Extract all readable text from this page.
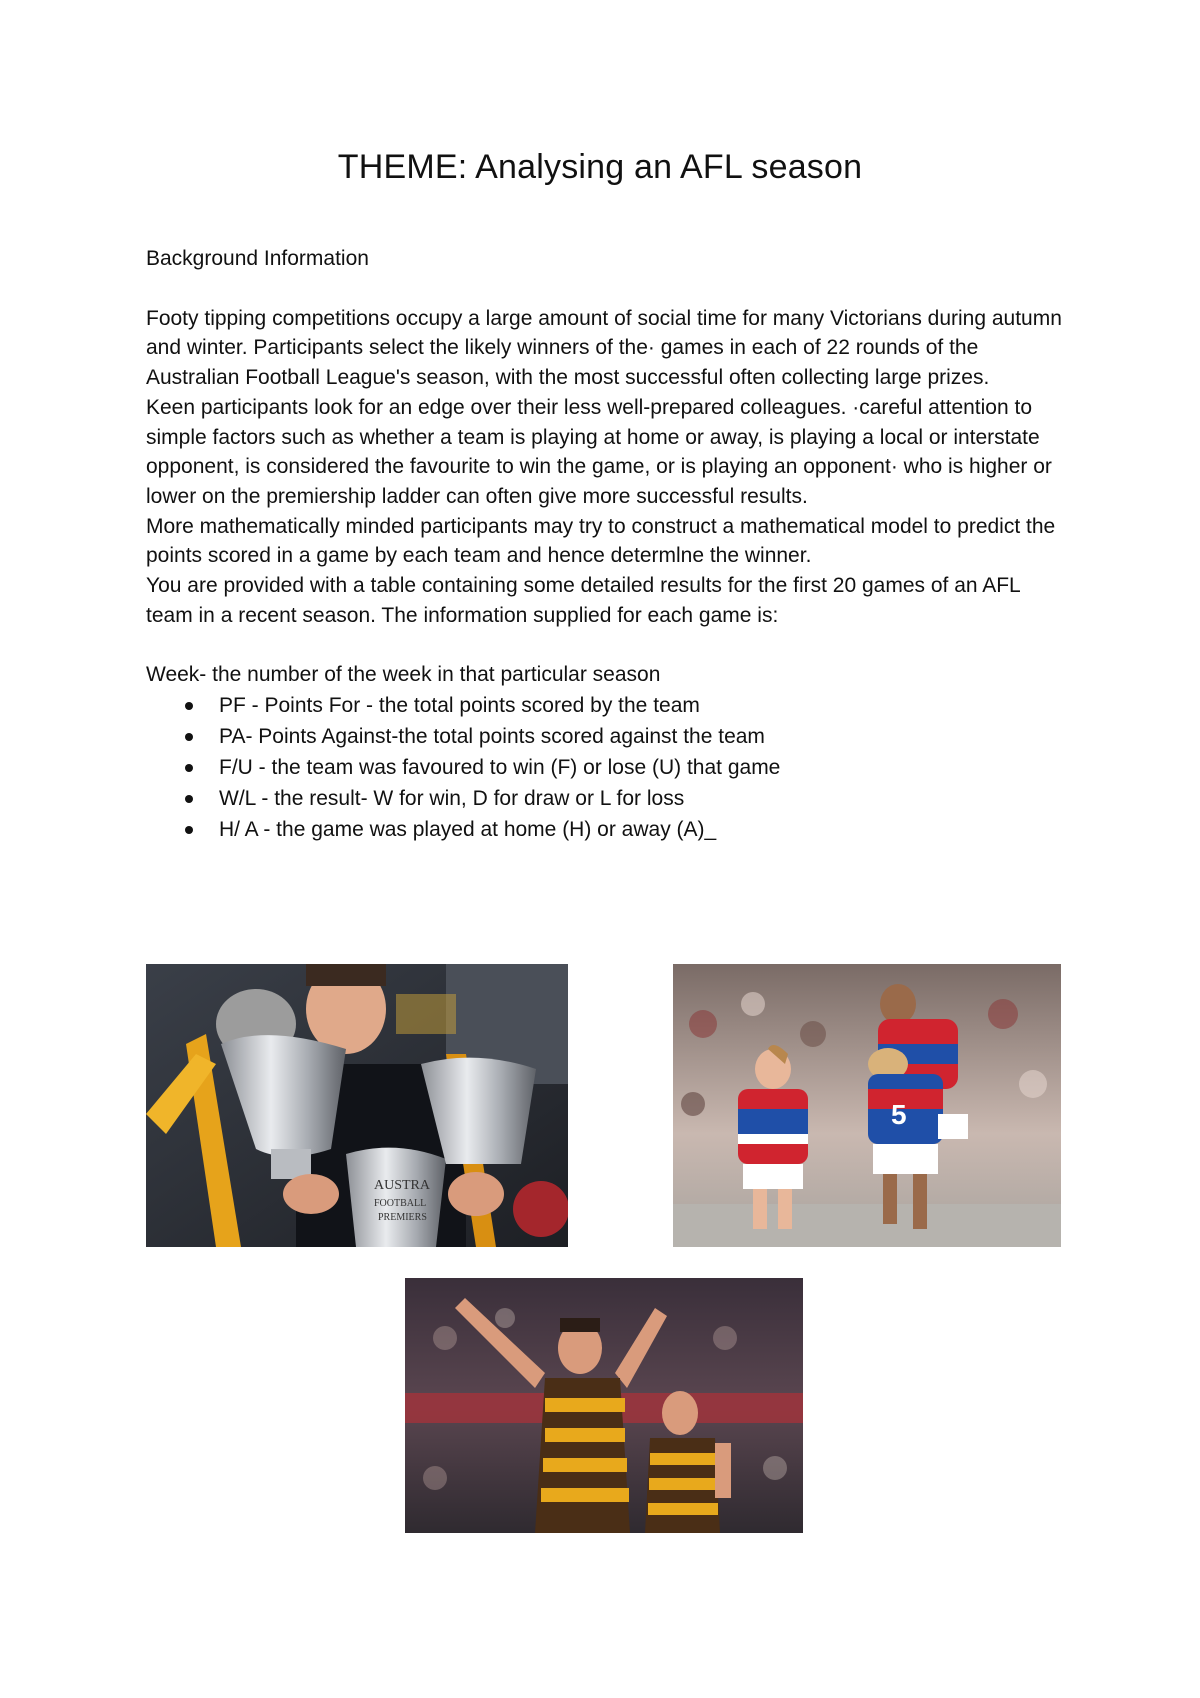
THEME: Analysing an AFL season

Background Information

Footy tipping competitions occupy a large amount of social time for many Victorians during autumn and winter. Participants select the likely winners of the· games in each of 22 rounds of the Australian Football League's season, with the most successful often collecting large prizes.

Keen participants look for an edge over their less well-prepared colleagues. ·careful attention to simple factors such as whether a team is playing at home or away, is playing a local or interstate opponent, is considered the favourite to win the game, or is playing an opponent· who is higher or lower on the premiership ladder can often give more successful results.

More mathematically minded participants may try to construct a mathematical model to predict the points scored in a game by each team and hence determlne the winner.

You are provided with a table containing some detailed results for the first 20 games of an AFL team in a recent season. The information supplied for each game is:

Week- the number of the week in that particular season

PF - Points For - the total points scored by the team
PA- Points Against-the total points scored against the team
F/U - the team was favoured to win (F) or lose (U) that game
W/L - the result- W for win, D for draw or L for loss
H/ A - the game was played at home (H) or away (A)_
AUSTRA
FOOTBALL
PREMIERS
5
